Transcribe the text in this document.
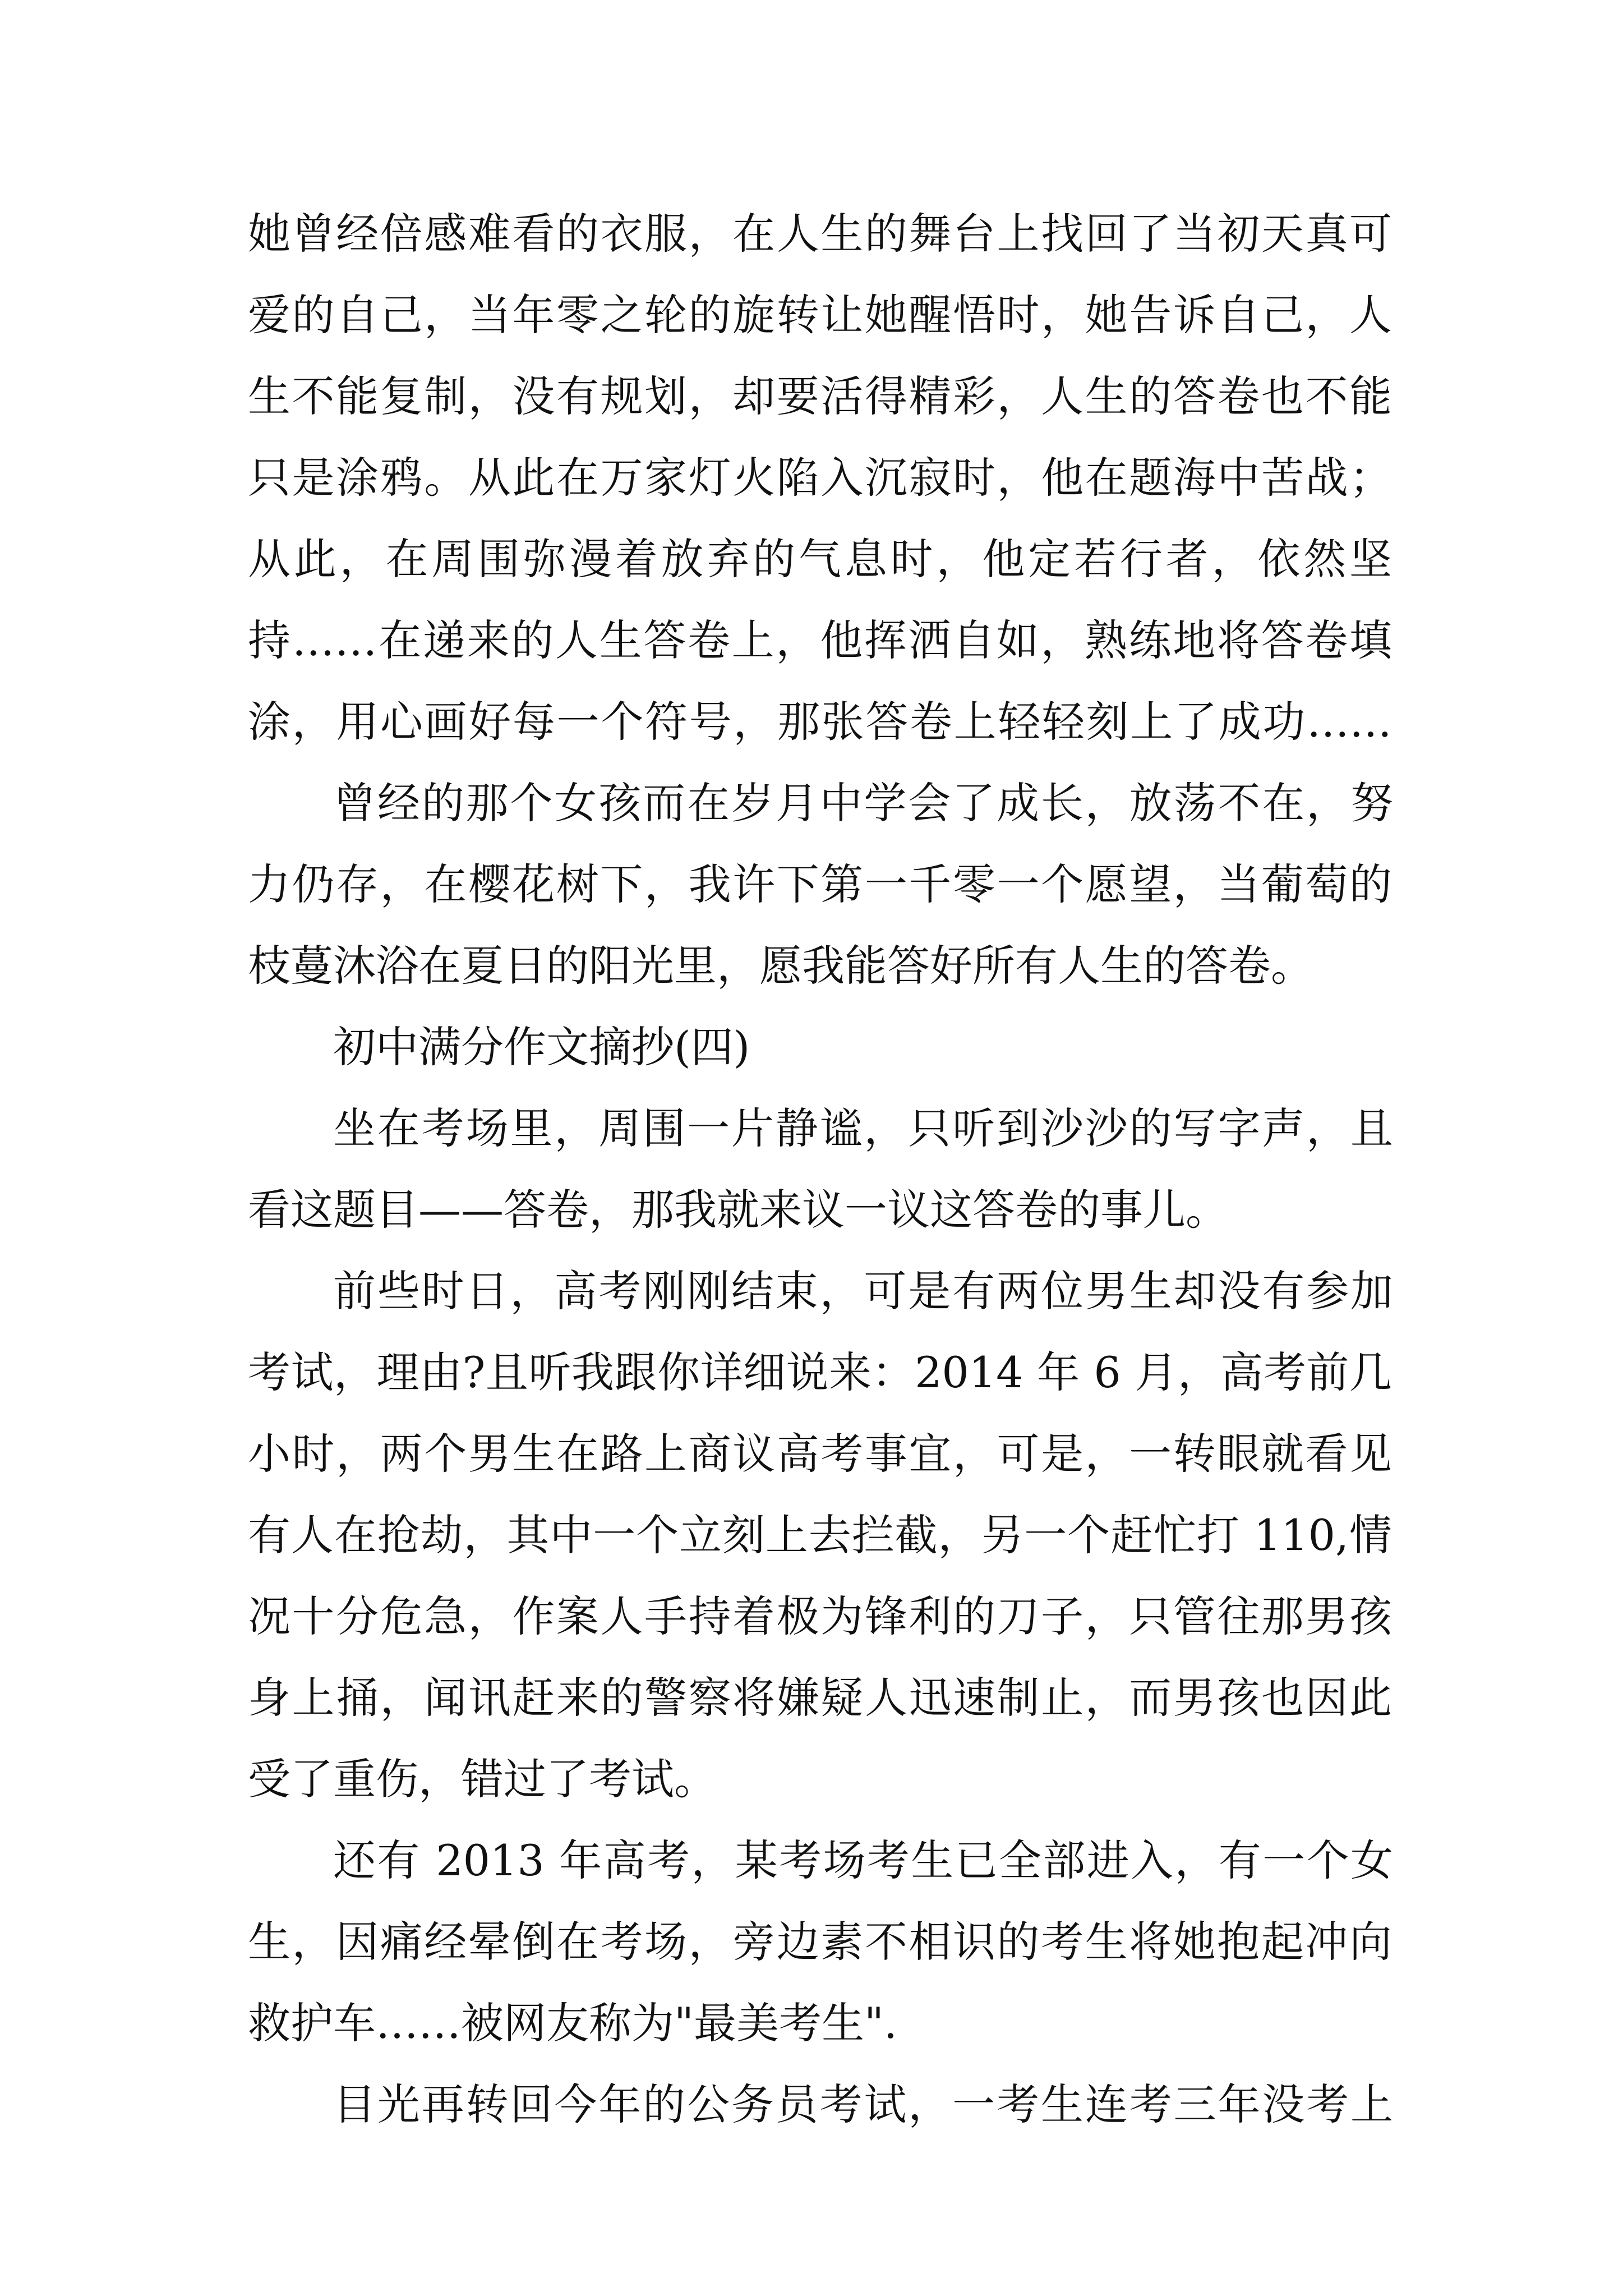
她曾经倍感难看的衣服，在人生的舞台上找回了当初天真可
爱的自己，当年零之轮的旋转让她醒悟时，她告诉自己，人
生不能复制，没有规划，却要活得精彩，人生的答卷也不能
只是涂鸦。从此在万家灯火陷入沉寂时，他在题海中苦战；
从此，在周围弥漫着放弃的气息时，他定若行者，依然坚
持……在递来的人生答卷上，他挥洒自如，熟练地将答卷填
涂，用心画好每一个符号，那张答卷上轻轻刻上了成功……
曾经的那个女孩而在岁月中学会了成长，放荡不在，努
力仍存，在樱花树下，我许下第一千零一个愿望，当葡萄的
枝蔓沐浴在夏日的阳光里，愿我能答好所有人生的答卷。
初中满分作文摘抄(四)
坐在考场里，周围一片静谧，只听到沙沙的写字声，且
看这题目——答卷，那我就来议一议这答卷的事儿。
前些时日，高考刚刚结束，可是有两位男生却没有参加
考试，理由?且听我跟你详细说来：2014 年 6 月，高考前几
小时，两个男生在路上商议高考事宜，可是，一转眼就看见
有人在抢劫，其中一个立刻上去拦截，另一个赶忙打 110,情
况十分危急，作案人手持着极为锋利的刀子，只管往那男孩
身上捅，闻讯赶来的警察将嫌疑人迅速制止，而男孩也因此
受了重伤，错过了考试。
还有 2013 年高考，某考场考生已全部进入，有一个女
生，因痛经晕倒在考场，旁边素不相识的考生将她抱起冲向
救护车……被网友称为"最美考生".
目光再转回今年的公务员考试，一考生连考三年没考上
